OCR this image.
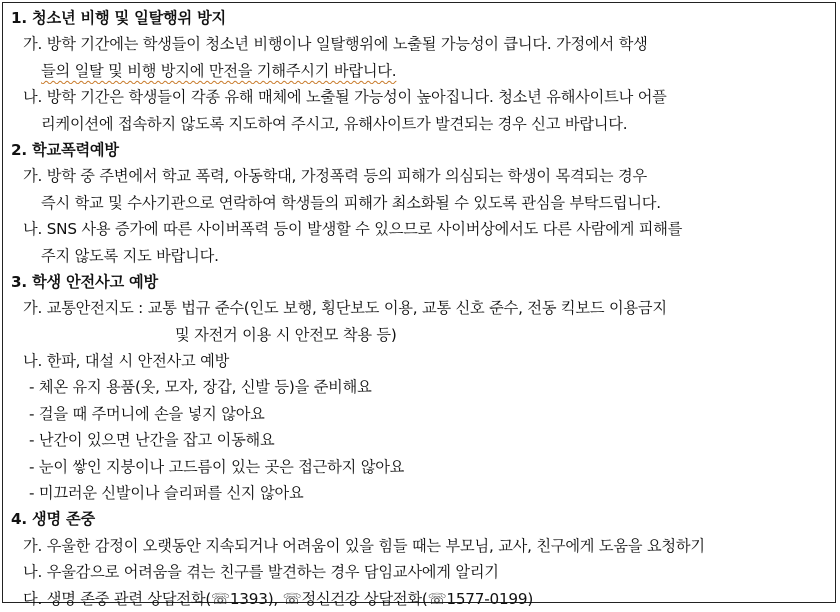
1. 청소년 비행 및 일탈행위 방지
가. 방학 기간에는 학생들이 청소년 비행이나 일탈행위에 노출될 가능성이 큽니다. 가정에서 학생
들의 일탈 및 비행 방지에 만전을 기해주시기 바랍니다.
나. 방학 기간은 학생들이 각종 유해 매체에 노출될 가능성이 높아집니다. 청소년 유해사이트나 어플
리케이션에 접속하지 않도록 지도하여 주시고, 유해사이트가 발견되는 경우 신고 바랍니다.
2. 학교폭력예방
가. 방학 중 주변에서 학교 폭력, 아동학대, 가정폭력 등의 피해가 의심되는 학생이 목격되는 경우
즉시 학교 및 수사기관으로 연락하여 학생들의 피해가 최소화될 수 있도록 관심을 부탁드립니다.
나. SNS 사용 증가에 따른 사이버폭력 등이 발생할 수 있으므로 사이버상에서도 다른 사람에게 피해를
주지 않도록 지도 바랍니다.
3. 학생 안전사고 예방
가. 교통안전지도 : 교통 법규 준수(인도 보행, 횡단보도 이용, 교통 신호 준수, 전동 킥보드 이용금지
및 자전거 이용 시 안전모 착용 등)
나. 한파, 대설 시 안전사고 예방
- 체온 유지 용품(옷, 모자, 장갑, 신발 등)을 준비해요
- 걸을 때 주머니에 손을 넣지 않아요
- 난간이 있으면 난간을 잡고 이동해요
- 눈이 쌓인 지붕이나 고드름이 있는 곳은 접근하지 않아요
- 미끄러운 신발이나 슬리퍼를 신지 않아요
4. 생명 존중
가. 우울한 감정이 오랫동안 지속되거나 어려움이 있을 힘들 때는 부모님, 교사, 친구에게 도움을 요청하기
나. 우울감으로 어려움을 겪는 친구를 발견하는 경우 담임교사에게 알리기
다. 생명 존중 관련 상담전화(☏1393), ☏정신건강 상담전화(☏1577-0199)
